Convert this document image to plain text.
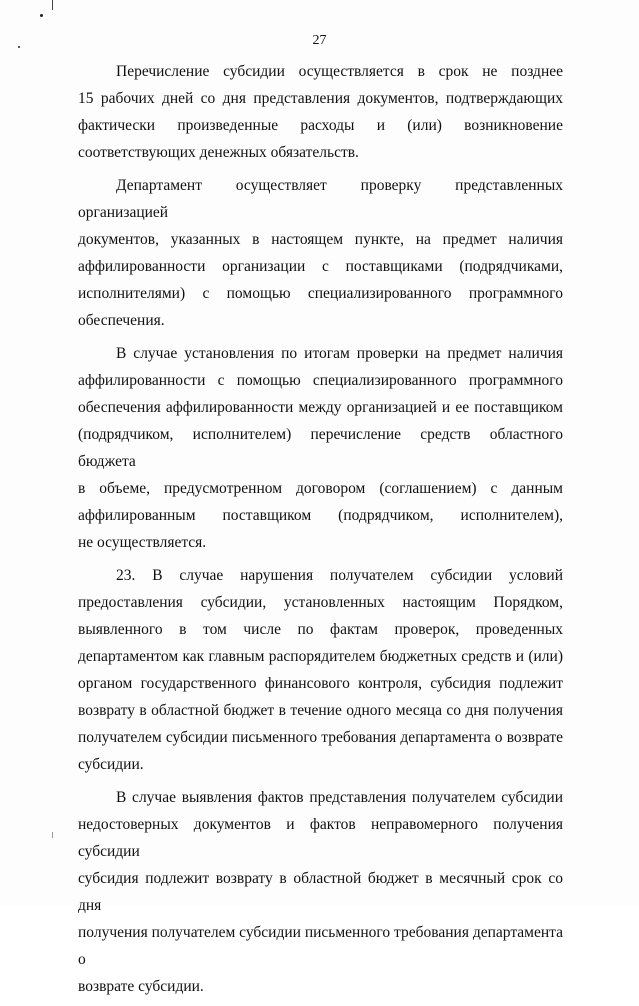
27

Перечисление субсидии осуществляется в срок не позднее
15 рабочих дней со дня представления документов, подтверждающих
фактически произведенные расходы и (или) возникновение
соответствующих денежных обязательств.

Департамент осуществляет проверку представленных организацией
документов, указанных в настоящем пункте, на предмет наличия
аффилированности организации с поставщиками (подрядчиками,
исполнителями) с помощью специализированного программного
обеспечения.

В случае установления по итогам проверки на предмет наличия
аффилированности с помощью специализированного программного
обеспечения аффилированности между организацией и ее поставщиком
(подрядчиком, исполнителем) перечисление средств областного бюджета
в объеме, предусмотренном договором (соглашением) с данным
аффилированным поставщиком (подрядчиком, исполнителем),
не осуществляется.

23. В случае нарушения получателем субсидии условий
предоставления субсидии, установленных настоящим Порядком,
выявленного в том числе по фактам проверок, проведенных
департаментом как главным распорядителем бюджетных средств и (или)
органом государственного финансового контроля, субсидия подлежит
возврату в областной бюджет в течение одного месяца со дня получения
получателем субсидии письменного требования департамента о возврате
субсидии.

В случае выявления фактов представления получателем субсидии
недостоверных документов и фактов неправомерного получения субсидии
субсидия подлежит возврату в областной бюджет в месячный срок со дня
получения получателем субсидии письменного требования департамента о
возврате субсидии.
